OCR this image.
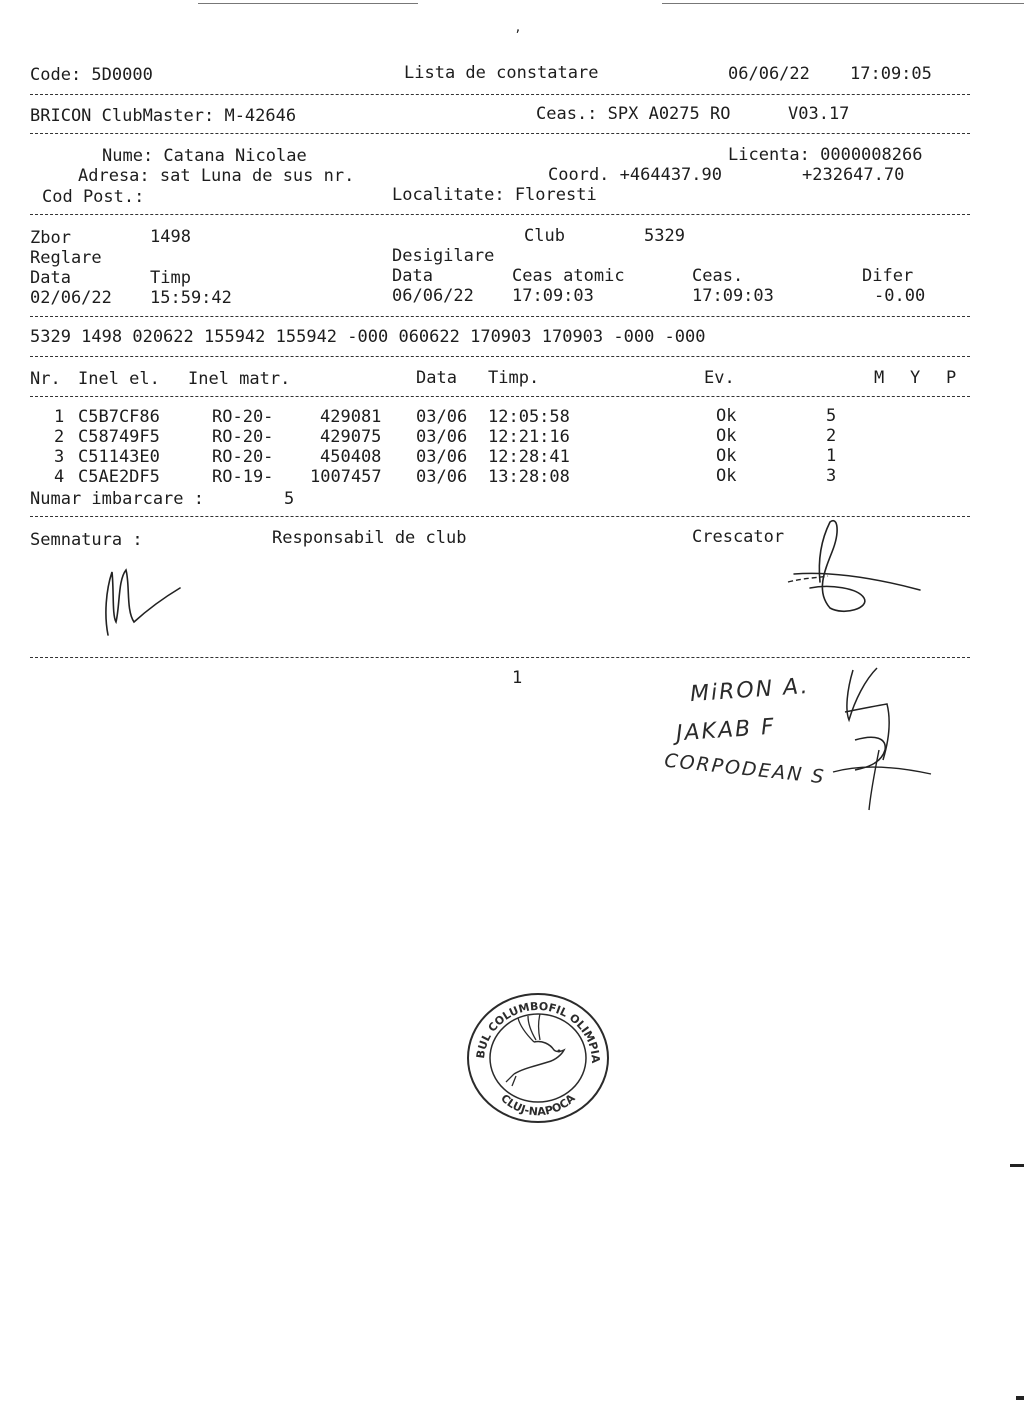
Code: 5D0000	Lista de constatare	06/06/22 17:09:05
BRICON ClubMaster: M-42646	Ceas.: SPX A0275 RO	V03.17
Nume: Catana Nicolae	Licenta: 0000008266
Adresa: sat Luna de sus nr.	Coord. +464437.90	+232647.70
Cod Post.:	Localitate: Floresti
Zbor	1498	Club	5329
Reglare	Desigilare
Data	Timp	Data	Ceas atomic	Ceas.	Difer
02/06/22 15:59:42	06/06/22 17:09:03	17:09:03	-0.00
5329 1498 020622 155942 155942 -000 060622 170903 170903 -000 -000
Nr. Inel el. Inel matr.	Data Timp.	Ev.	M Y P
1 C5B7CF86	RO-20-	429081 03/06 12:05:58	Ok	5
2 C58749F5	RO-20-	429075 03/06 12:21:16	Ok	2
3 C51143E0	RO-20-	450408 03/06 12:28:41	Ok	1
4 C5AE2DF5	RO-19- 1007457 03/06 13:28:08	Ok	3
Numar imbarcare :	5
Semnatura :	Responsabil de club	Crescator
1	MiRON A.
JAKAB F
CORPODEAN S
CLUBUL COLUMBOFIL OLIMPIA 04
CLUJ-NAPOCA
ʼ
